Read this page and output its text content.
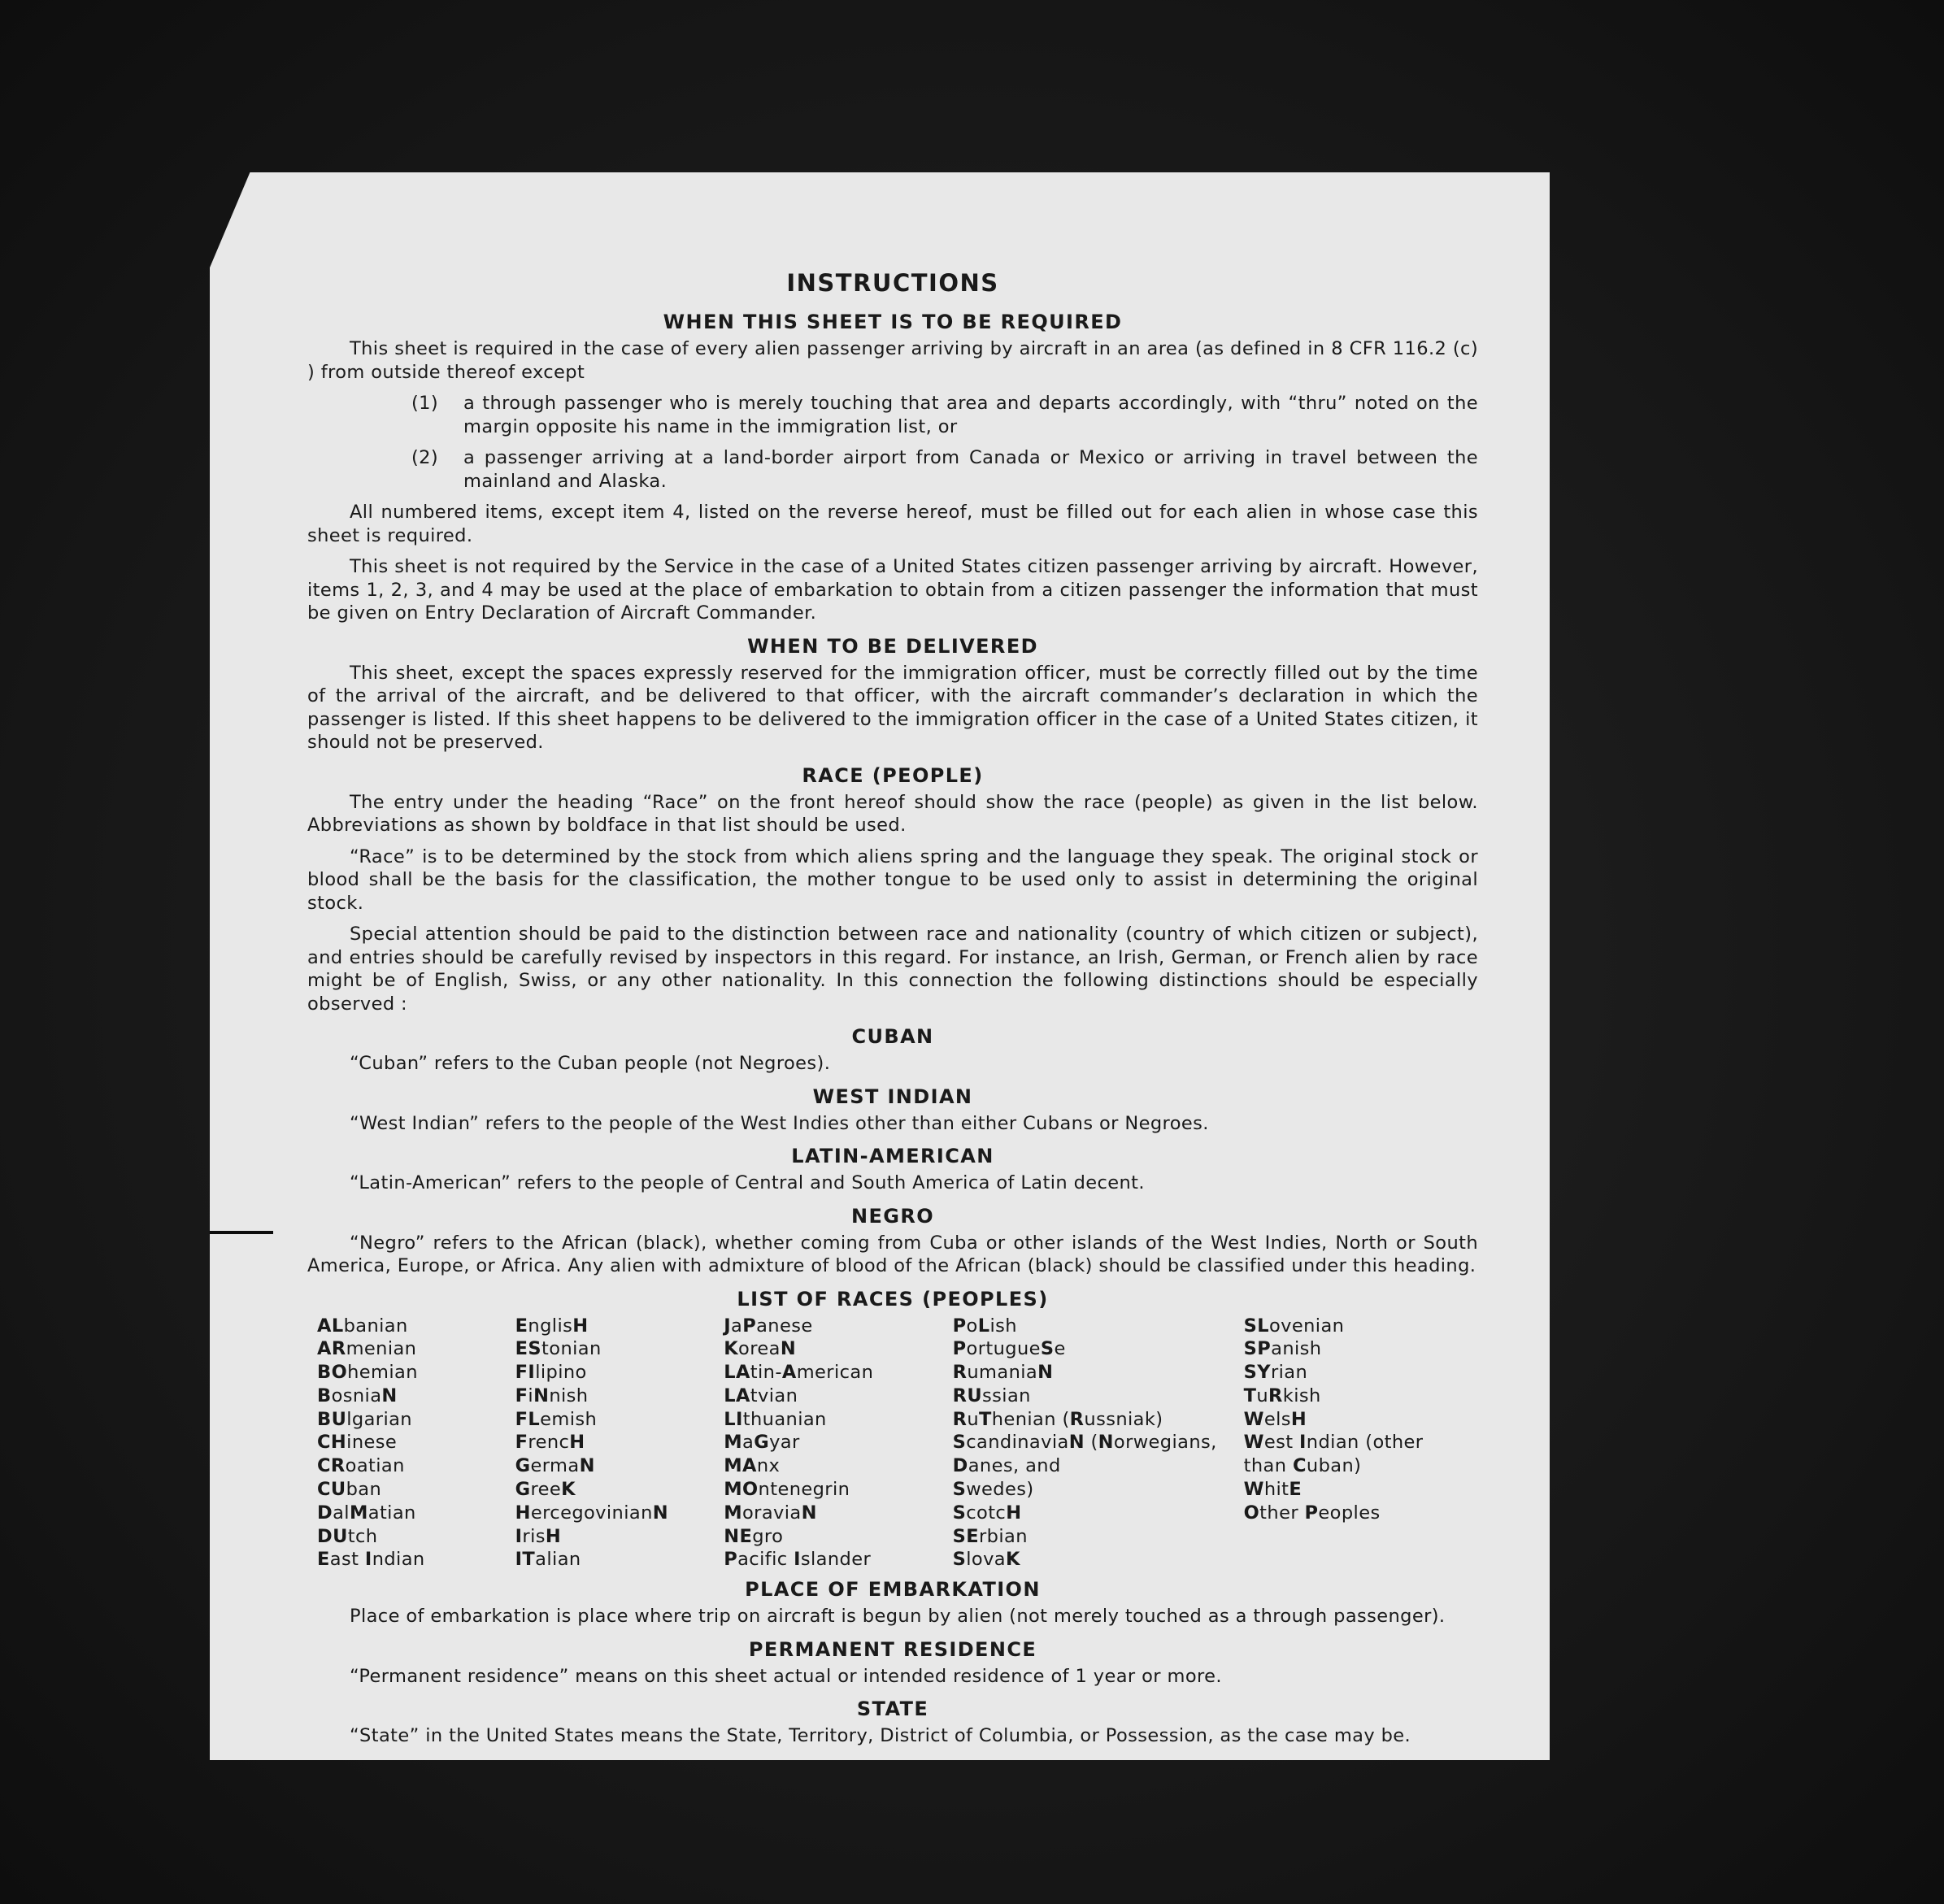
INSTRUCTIONS
WHEN THIS SHEET IS TO BE REQUIRED

This sheet is required in the case of every alien passenger arriving by aircraft in an area (as defined in 8 CFR 116.2 (c) ) from outside thereof except

(1)	a through passenger who is merely touching that area and departs accordingly, with “thru” noted on the margin opposite his name in the immigration list, or
(2)	a passenger arriving at a land-border airport from Canada or Mexico or arriving in travel between the mainland and Alaska.

All numbered items, except item 4, listed on the reverse hereof, must be filled out for each alien in whose case this sheet is required.

This sheet is not required by the Service in the case of a United States citizen passenger arriving by aircraft. However, items 1, 2, 3, and 4 may be used at the place of embarkation to obtain from a citizen passenger the information that must be given on Entry Declaration of Aircraft Commander.

WHEN TO BE DELIVERED

This sheet, except the spaces expressly reserved for the immigration officer, must be correctly filled out by the time of the arrival of the aircraft, and be delivered to that officer, with the aircraft commander’s declaration in which the passenger is listed. If this sheet happens to be delivered to the immigration officer in the case of a United States citizen, it should not be preserved.

RACE (PEOPLE)

The entry under the heading “Race” on the front hereof should show the race (people) as given in the list below. Abbreviations as shown by boldface in that list should be used.

“Race” is to be determined by the stock from which aliens spring and the language they speak. The original stock or blood shall be the basis for the classification, the mother tongue to be used only to assist in determining the original stock.

Special attention should be paid to the distinction between race and nationality (country of which citizen or subject), and entries should be carefully revised by inspectors in this regard. For instance, an Irish, German, or French alien by race might be of English, Swiss, or any other nationality. In this connection the following distinctions should be especially observed :

CUBAN

“Cuban” refers to the Cuban people (not Negroes).

WEST INDIAN

“West Indian” refers to the people of the West Indies other than either Cubans or Negroes.

LATIN-AMERICAN

“Latin-American” refers to the people of Central and South America of Latin decent.

NEGRO

“Negro” refers to the African (black), whether coming from Cuba or other islands of the West Indies, North or South America, Europe, or Africa. Any alien with admixture of blood of the African (black) should be classified under this heading.

LIST OF RACES (PEOPLES)
ALbanian
ARmenian
BOhemian
BosniaN
BUlgarian
CHinese
CRoatian
CUban
DalMatian
DUtch
East Indian
EnglisH
EStonian
FIlipino
FiNnish
FLemish
FrencH
GermaN
GreeK
HercegovinianN
IrisH
ITalian
JaPanese
KoreaN
LAtin-American
LAtvian
LIthuanian
MaGyar
MAnx
MOntenegrin
MoraviaN
NEgro
Pacific Islander
PoLish
PortugueSe
RumaniaN
RUssian
RuThenian (Russniak)
ScandinaviaN (Norwegians,
Danes, and
Swedes)
ScotcH
SErbian
SlovaK
SLovenian
SPanish
SYrian
TuRkish
WelsH
West Indian (other
than Cuban)
WhitE
Other Peoples
PLACE OF EMBARKATION

Place of embarkation is place where trip on aircraft is begun by alien (not merely touched as a through passenger).

PERMANENT RESIDENCE

“Permanent residence” means on this sheet actual or intended residence of 1 year or more.

STATE

“State” in the United States means the State, Territory, District of Columbia, or Possession, as the case may be.
